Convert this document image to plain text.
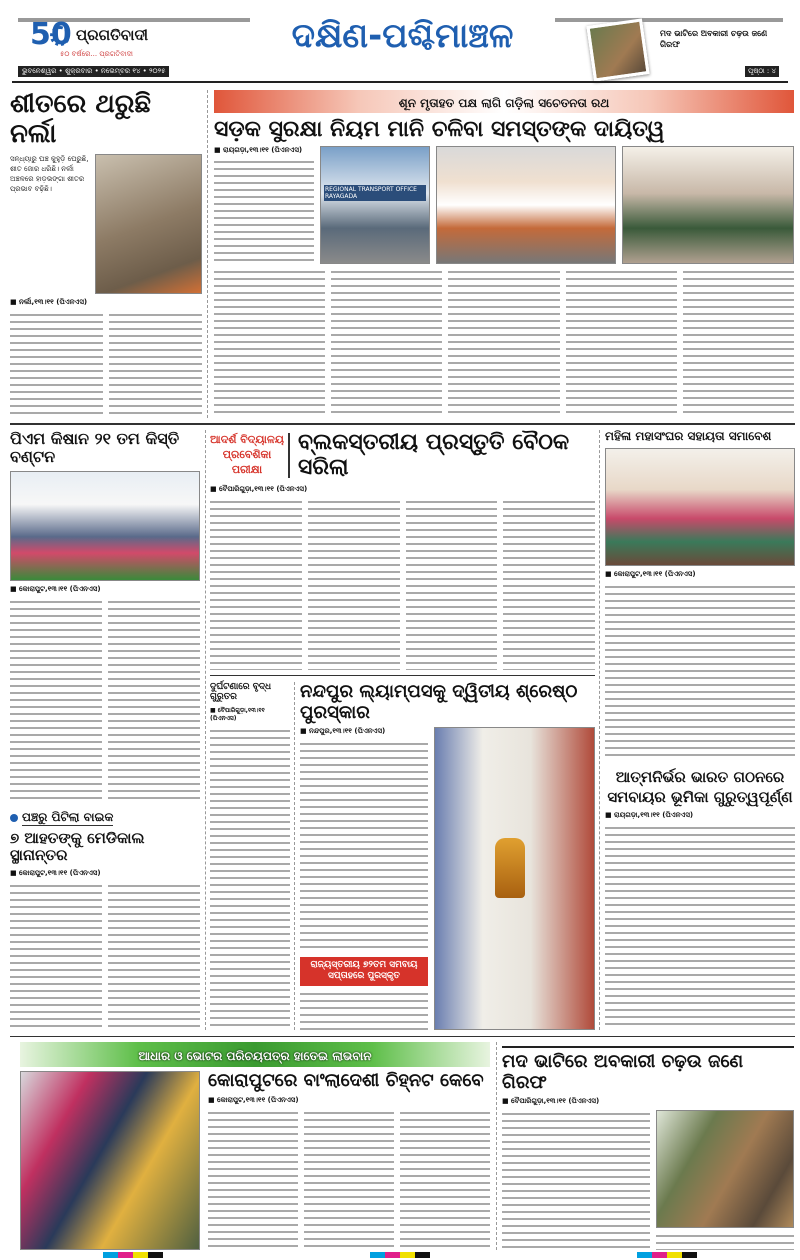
50 ପ୍ରଗତିବାଦୀ
୫୦ ବର୍ଷରେ... ପ୍ରଗତିବାଦୀ
ଭୁବନେଶ୍ୱର • ଶୁକ୍ରବାର • ନଭେମ୍ବର ୧୪ • ୨୦୨୫
ଦକ୍ଷିଣ-ପଶ୍ଚିମାଞ୍ଚଳ	ମଦ ଭାଟିରେ ଅବକାରୀ ଚଢ଼ଉ ଜଣେ ଗିରଫ
ପୃଷ୍ଠା : ୪
ଶୀତରେ ଥରୁଛି ନର୍ଲା
ସନ୍ଧ୍ୟାରୁ ଘଞ୍ଚ କୁହୁଡ଼ି ଘେରୁଛି, ଶୀତ ଜୋର ଧରିଛି। ନର୍ଲା ଅଞ୍ଚଳରେ ହାଡ଼ଭଙ୍ଗା ଶୀତର ପ୍ରଭାବ ବଢ଼ିଛି।
■ ନର୍ଲା,୧୩।୧୧ (ପିଏନଏସ)
ଶୂନ ମୃତାହତ ପକ୍ଷ ଲାଗି ଗଡ଼ିଲା ସଚେତନତା ରଥ
ସଡ଼କ ସୁରକ୍ଷା ନିୟମ ମାନି ଚଳିବା ସମସ୍ତଙ୍କ ଦାୟିତ୍ୱ
■ ରାୟଗଡ଼ା,୧୩।୧୧ (ପିଏନଏସ)
REGIONAL TRANSPORT OFFICE RAYAGADA
ପିଏମ କିଷାନ ୨୧ ତମ କିସ୍ତି ବଣ୍ଟନ
■ କୋରାପୁଟ,୧୩।୧୧ (ପିଏନଏସ)
ପଞ୍ଚରୁ ପିଟିଲା ବାଇକ
୭ ଆହତଙ୍କୁ ମେଡିକାଲ ସ୍ଥାନାନ୍ତର
■ କୋରାପୁଟ,୧୩।୧୧ (ପିଏନଏସ)
ଆଦର୍ଶ ବିଦ୍ୟାଳୟ ପ୍ରବେଶିକା ପରୀକ୍ଷା
ବ୍ଲକସ୍ତରୀୟ ପ୍ରସ୍ତୁତି ବୈଠକ ସରିଲା
■ ବୈପାରିଗୁଡ଼ା,୧୩।୧୧ (ପିଏନଏସ)
ଦୁର୍ଘଟଣାରେ ବୃଦ୍ଧ ଗୁରୁତର
■ ବୈପାରିଗୁଡ଼ା,୧୩।୧୧ (ପିଏନଏସ)
ନନ୍ଦପୁର ଲ୍ୟାମ୍ପସକୁ ଦ୍ୱିତୀୟ ଶ୍ରେଷ୍ଠ ପୁରସ୍କାର
■ ନନ୍ଦପୁର,୧୩।୧୧ (ପିଏନଏସ)
ରାଜ୍ୟସ୍ତରୀୟ ୭୨ତମ ସମବାୟ ସପ୍ତାହରେ ପୁରସ୍କୃତ
ମହିଳା ମହାସଂଘର ସହାୟତା ସମାବେଶ
■ କୋରାପୁଟ,୧୩।୧୧ (ପିଏନଏସ)
ଆତ୍ମନିର୍ଭର ଭାରତ ଗଠନରେ ସମବାୟର ଭୂମିକା ଗୁରୁତ୍ୱପୂର୍ଣ୍ଣ
■ ରାୟଗଡ଼ା,୧୩।୧୧ (ପିଏନଏସ)
ଆଧାର ଓ ଭୋଟର ପରିଚୟପତ୍ର ହାତେଇ ଲାଭବାନ
କୋରାପୁଟରେ ବାଂଲାଦେଶୀ ଚିହ୍ନଟ କେବେ
■ କୋରାପୁଟ,୧୩।୧୧ (ପିଏନଏସ)
ମଦ ଭାଟିରେ ଅବକାରୀ ଚଢ଼ଉ ଜଣେ ଗିରଫ
■ ବୈପାରିଗୁଡ଼ା,୧୩।୧୧ (ପିଏନଏସ)
